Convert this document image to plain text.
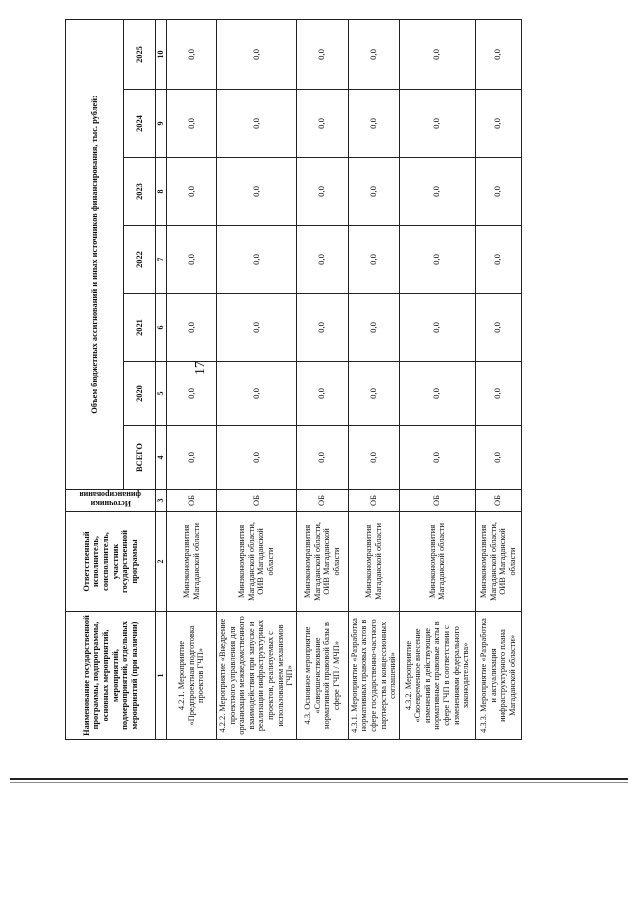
17
Наименование государственной программы, подпрограммы, основных мероприятий, мероприятий, подмероприятий, отдельных мероприятий (при наличии)	Ответственный исполнитель, соисполнитель, участник государственной программы	Источники финансирования	Объем бюджетных ассигнований и иных источников финансирования, тыс. рублей:						
			ВСЕГО	2020	2021	2022	2023	2024	2025
1	2	3	4	5	6	7	8	9	10
4.2.1. Мероприятие «Предпроектная подготовка проектов ГЧП»	Минэкономразвития Магаданской области	ОБ	0,0	0,0	0,0	0,0	0,0	0,0	0,0
4.2.2. Мероприятие «Внедрение проектного управления для организации межведомственного взаимодействия при запуске и реализации инфраструктурных проектов, реализуемых с использованием механизмов ГЧП»	Минэкономразвития Магаданской области, ОИВ Магаданской области	ОБ	0,0	0,0	0,0	0,0	0,0	0,0	0,0
4.3. Основное мероприятие «Совершенствование нормативной правовой базы в сфере ГЧП / МЧП»	Минэкономразвития Магаданской области, ОИВ Магаданской области	ОБ	0,0	0,0	0,0	0,0	0,0	0,0	0,0
4.3.1. Мероприятие «Разработка нормативных правовых актов в сфере государственно-частного партнерства и концессионных соглашений»	Минэкономразвития Магаданской области	ОБ	0,0	0,0	0,0	0,0	0,0	0,0	0,0
4.3.2. Мероприятие «Своевременное внесение изменений в действующие нормативные правовые акты в сфере ГЧП в соответствии с изменениями федерального законодательства»	Минэкономразвития Магаданской области	ОБ	0,0	0,0	0,0	0,0	0,0	0,0	0,0
4.3.3. Мероприятие «Разработка и актуализация инфраструктурного плана Магаданской области»	Минэкономразвития Магаданской области, ОИВ Магаданской области	ОБ	0,0	0,0	0,0	0,0	0,0	0,0	0,0
